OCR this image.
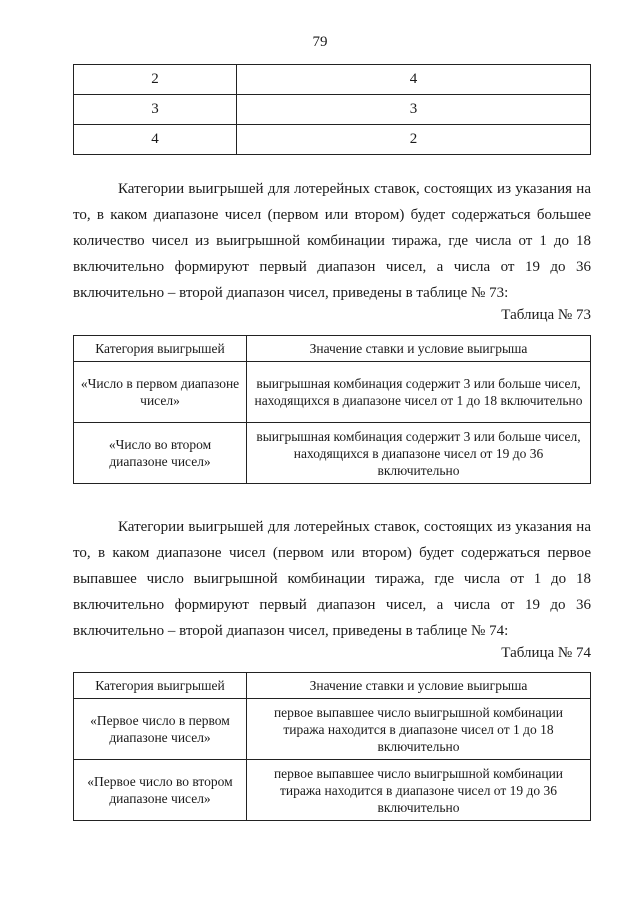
79
2	4
3	3
4	2

Категории выигрышей для лотерейных ставок, состоящих из указания на то, в каком диапазоне чисел (первом или втором) будет содержаться большее количество чисел из выигрышной комбинации тиража, где числа от 1 до 18 включительно формируют первый диапазон чисел, а числа от 19 до 36 включительно – второй диапазон чисел, приведены в таблице № 73:

Таблица № 73
Категория выигрышей	Значение ставки и условие выигрыша
«Число в первом диапазоне чисел»	выигрышная комбинация содержит 3 или больше чисел, находящихся в диапазоне чисел от 1 до 18 включительно
«Число во втором диапазоне чисел»	выигрышная комбинация содержит 3 или больше чисел, находящихся в диапазоне чисел от 19 до 36 включительно

Категории выигрышей для лотерейных ставок, состоящих из указания на то, в каком диапазоне чисел (первом или втором) будет содержаться первое выпавшее число выигрышной комбинации тиража, где числа от 1 до 18 включительно формируют первый диапазон чисел, а числа от 19 до 36 включительно – второй диапазон чисел, приведены в таблице № 74:

Таблица № 74
Категория выигрышей	Значение ставки и условие выигрыша
«Первое число в первом диапазоне чисел»	первое выпавшее число выигрышной комбинации тиража находится в диапазоне чисел от 1 до 18 включительно
«Первое число во втором диапазоне чисел»	первое выпавшее число выигрышной комбинации тиража находится в диапазоне чисел от 19 до 36 включительно
